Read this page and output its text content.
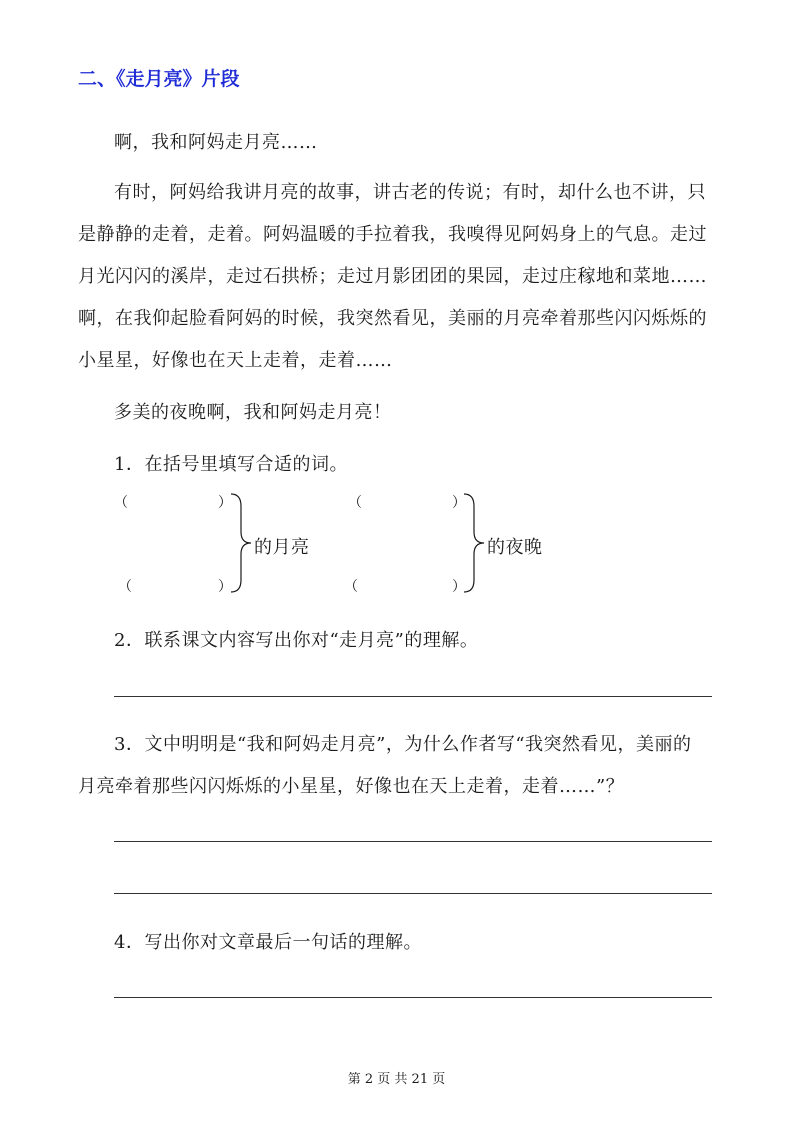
二、《走月亮》片段
啊，我和阿妈走月亮……
有时，阿妈给我讲月亮的故事，讲古老的传说；有时，却什么也不讲，只
是静静的走着，走着。阿妈温暖的手拉着我，我嗅得见阿妈身上的气息。走过
月光闪闪的溪岸，走过石拱桥；走过月影团团的果园，走过庄稼地和菜地……
啊，在我仰起脸看阿妈的时候，我突然看见，美丽的月亮牵着那些闪闪烁烁的
小星星，好像也在天上走着，走着……
多美的夜晚啊，我和阿妈走月亮！
1．在括号里填写合适的词。
（	）
（	）
的月亮
（	）
（	）
的夜晚
2．联系课文内容写出你对“走月亮”的理解。
3．文中明明是“我和阿妈走月亮”，为什么作者写“我突然看见，美丽的
月亮牵着那些闪闪烁烁的小星星，好像也在天上走着，走着……”？
4．写出你对文章最后一句话的理解。
第 2 页 共 21 页
